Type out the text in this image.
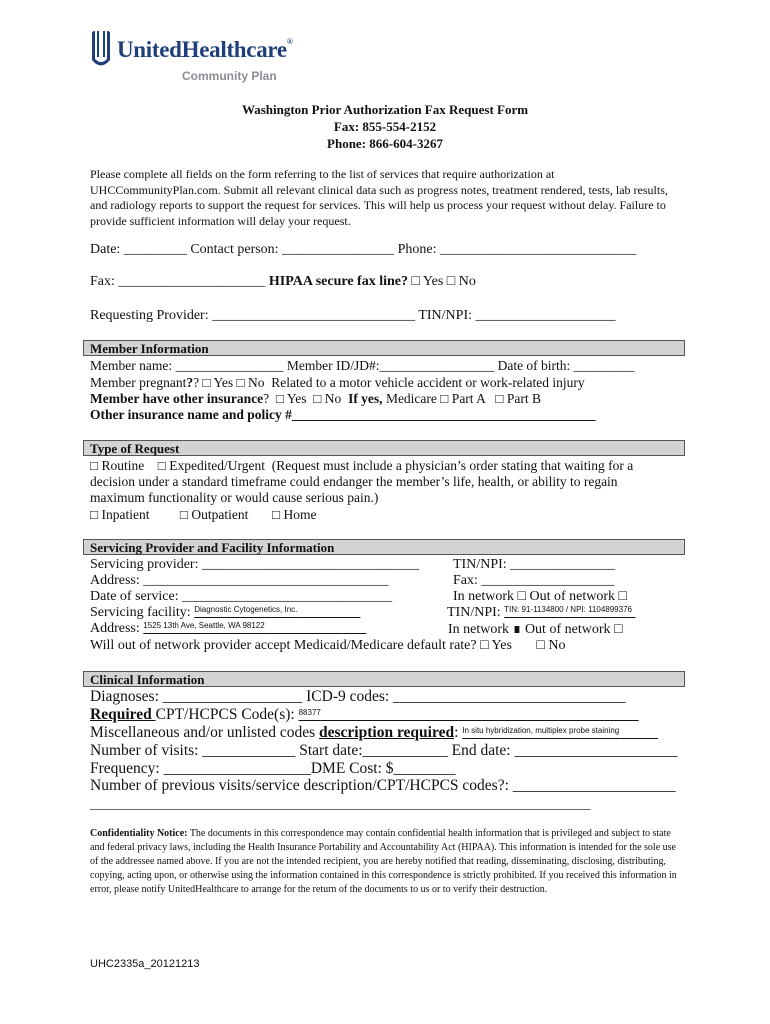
UnitedHealthcare®
Community Plan
Washington Prior Authorization Fax Request Form
Fax: 855-554-2152
Phone: 866-604-3267
Please complete all fields on the form referring to the list of services that require authorization at UHCCommunityPlan.com. Submit all relevant clinical data such as progress notes, treatment rendered, tests, lab results, and radiology reports to support the request for services. This will help us process your request without delay. Failure to provide sufficient information will delay your request.
Date: _________ Contact person: ________________ Phone: ____________________________
Fax: _____________________ HIPAA secure fax line? □ Yes □ No
Requesting Provider: _____________________________ TIN/NPI: ____________________
Member Information
Member name: ________________ Member ID/JD#:_________________ Date of birth: _________
Member pregnant?? □ Yes □ No  Related to a motor vehicle accident or work-related injury
Member have other insurance?  □ Yes  □ No  If yes, Medicare □ Part A   □ Part B
Other insurance name and policy #_____________________________________________
Type of Request
□ Routine    □ Expedited/Urgent  (Request must include a physician’s order stating that waiting for a
decision under a standard timeframe could endanger the member’s life, health, or ability to regain
maximum functionality or would cause serious pain.)
□ Inpatient         □ Outpatient       □ Home
Servicing Provider and Facility Information
Servicing provider: _______________________________
Address: ___________________________________
Date of service: ______________________________
Servicing facility: $^{Diagnostic Cytogenetics, Inc.}$
Address: $^{1525 13th Ave, Seattle, WA 98122}$
TIN/NPI: _______________
Fax: ___________________
In network □ Out of network □
TIN/NPI: $^{TIN: 91-1134800 / NPI: 1104899376}$
In network ∎ Out of network □
Will out of network provider accept Medicaid/Medicare default rate? □ Yes       □ No
Clinical Information
Diagnoses: __________________ ICD-9 codes: ______________________________
Required CPT/HCPCS Code(s): $^{88377}$
Miscellaneous and/or unlisted codes description required: $^{In situ hybridization, multiplex probe staining}$
Number of visits: ____________ Start date:___________ End date: _____________________
Frequency: ___________________DME Cost: $________
Number of previous visits/service description/CPT/HCPCS codes?: _____________________
_____________________________________________________________________________
Confidentiality Notice: The documents in this correspondence may contain confidential health information that is privileged and subject to state and federal privacy laws, including the Health Insurance Portability and Accountability Act (HIPAA). This information is intended for the sole use of the addressee named above. If you are not the intended recipient, you are hereby notified that reading, disseminating, disclosing, distributing, copying, acting upon, or otherwise using the information contained in this correspondence is strictly prohibited. If you received this information in error, please notify UnitedHealthcare to arrange for the return of the documents to us or to verify their destruction.
UHC2335a_20121213
